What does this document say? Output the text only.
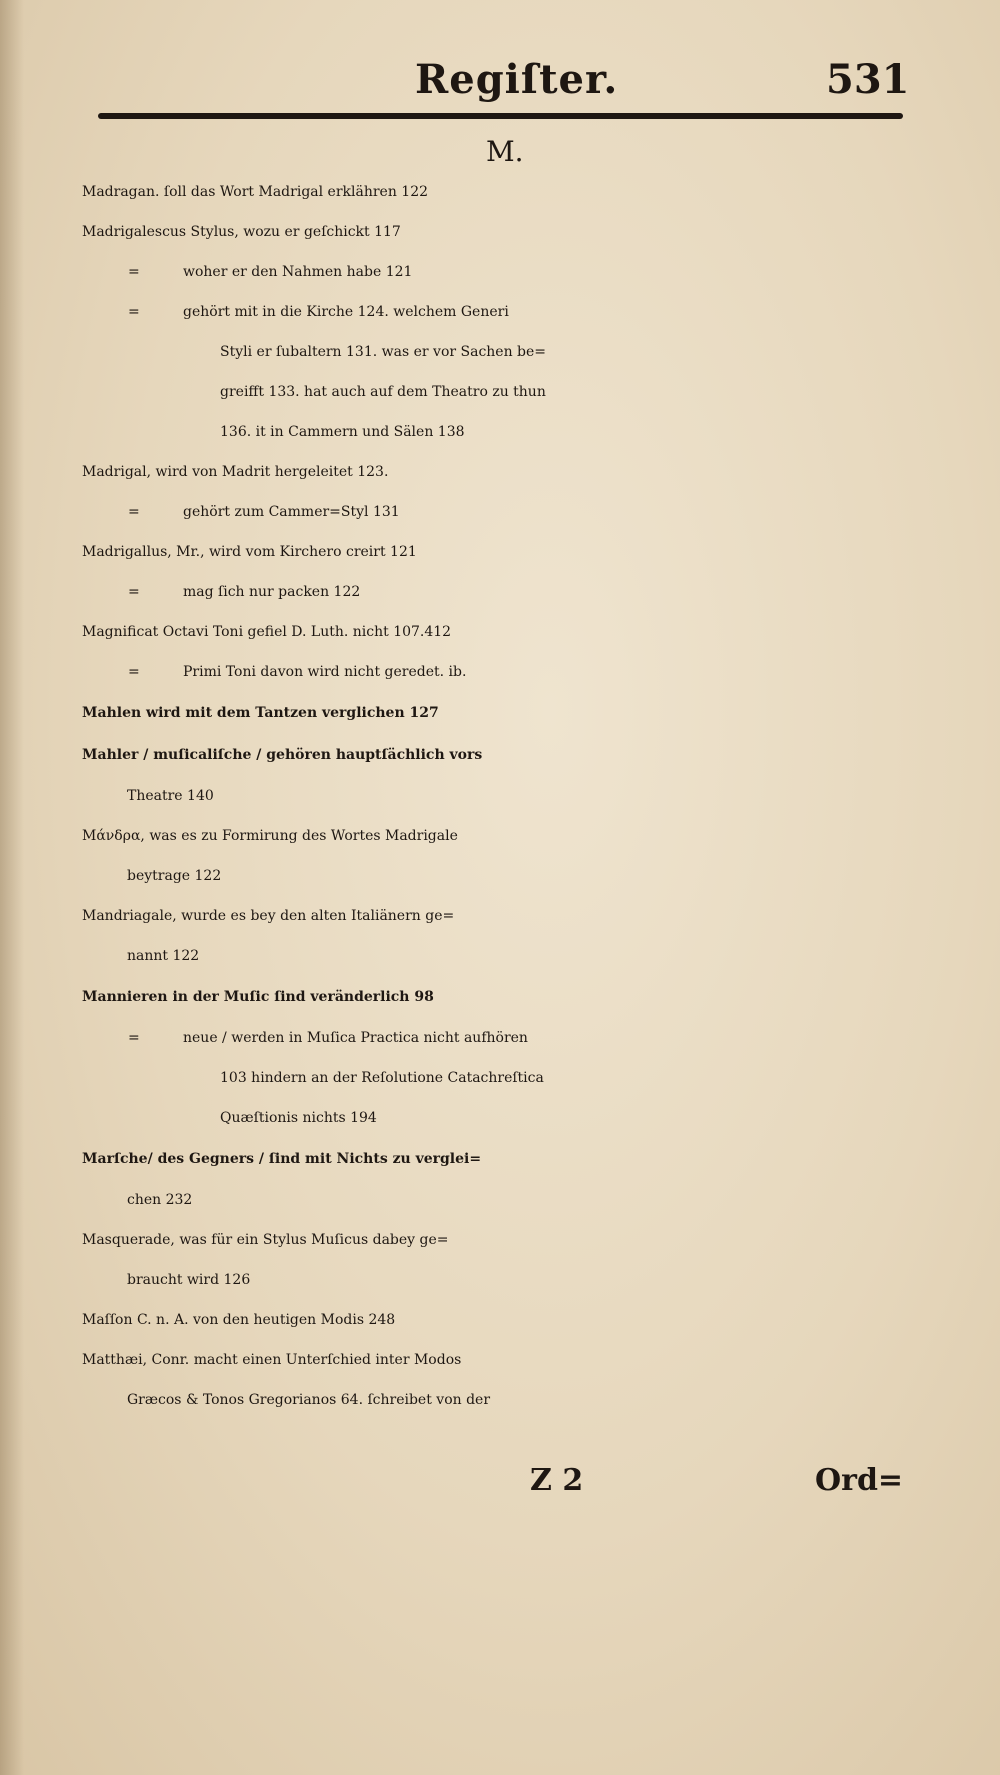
Regiſter.	531
M.
Madragan. ſoll das Wort Madrigal erklähren 122
Madrigalescus Stylus, wozu er geſchickt 117
=	woher er den Nahmen habe 121
=	gehört mit in die Kirche 124. welchem Generi
Styli er ſubaltern 131. was er vor Sachen be=
greifft 133. hat auch auf dem Theatro zu thun
136. it in Cammern und Sälen 138
Madrigal, wird von Madrit hergeleitet 123.
=	gehört zum Cammer=Styl 131
Madrigallus, Mr., wird vom Kirchero creirt 121
=	mag ſich nur packen 122
Magnificat Octavi Toni gefiel D. Luth. nicht 107.412
=	Primi Toni davon wird nicht geredet. ib.
Mahlen wird mit dem Tantzen verglichen 127
Mahler / muſicaliſche / gehören hauptſächlich vors
Theatre 140
Μάνδρα, was es zu Formirung des Wortes Madrigale
beytrage 122
Mandriagale, wurde es bey den alten Italiänern ge=
nannt 122
Mannieren in der Muſic ſind veränderlich 98
=	neue / werden in Muſica Practica nicht aufhören
103 hindern an der Reſolutione Catachreſtica
Quæſtionis nichts 194
Marſche/ des Gegners / ſind mit Nichts zu verglei=
chen 232
Masquerade, was für ein Stylus Muſicus dabey ge=
braucht wird 126
Maſſon C. n. A. von den heutigen Modis 248
Matthæi, Conr. macht einen Unterſchied inter Modos
Græcos & Tonos Gregorianos 64. ſchreibet von der
Z 2	Ord=
